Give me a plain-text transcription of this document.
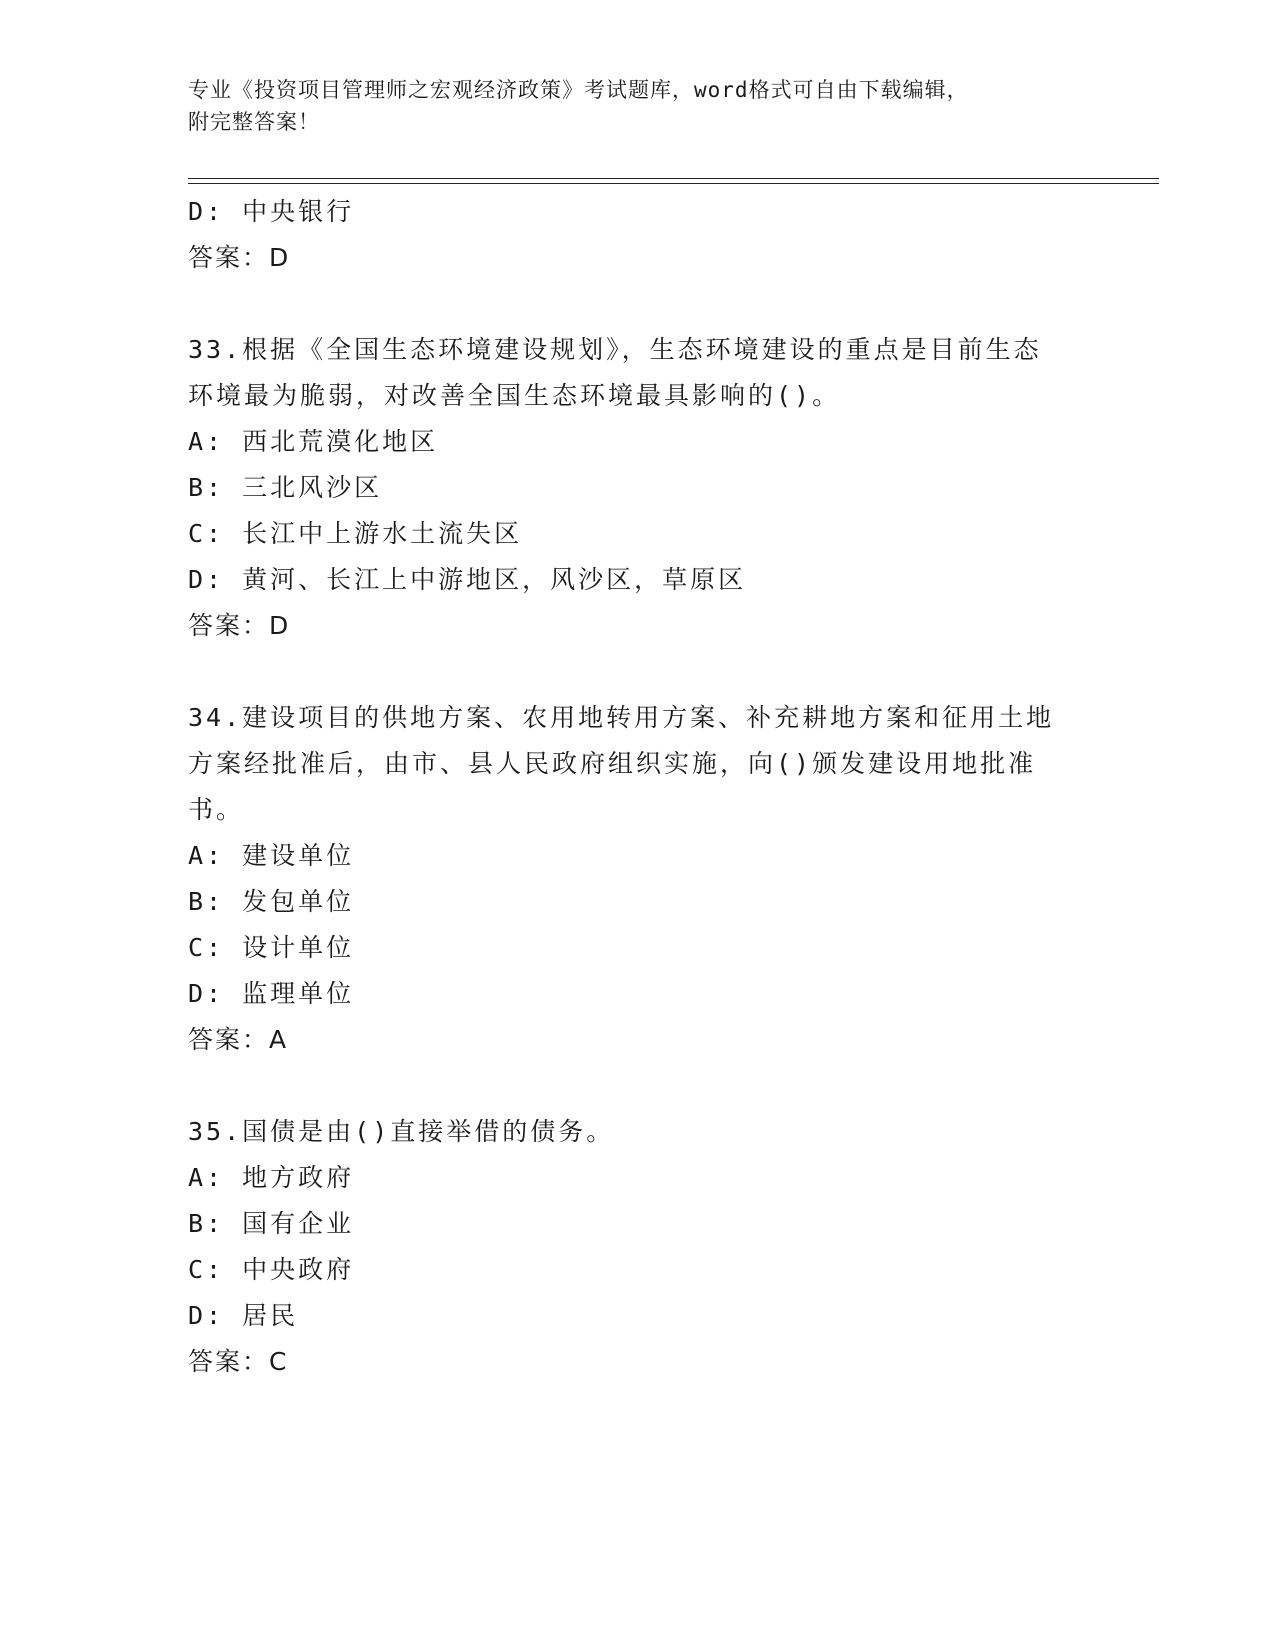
专业《投资项目管理师之宏观经济政策》考试题库，word格式可自由下载编辑，
附完整答案！
D:
中央银行
答案：D
33.根据《全国生态环境建设规划》，生态环境建设的重点是目前生态
环境最为脆弱，对改善全国生态环境最具影响的()。
A:
西北荒漠化地区
B:
三北风沙区
C:
长江中上游水土流失区
D:
黄河、长江上中游地区，风沙区，草原区
答案：D
34.建设项目的供地方案、农用地转用方案、补充耕地方案和征用土地
方案经批准后，由市、县人民政府组织实施，向()颁发建设用地批准
书。
A:
建设单位
B:
发包单位
C:
设计单位
D:
监理单位
答案：A
35.国债是由()直接举借的债务。
A:
地方政府
B:
国有企业
C:
中央政府
D:
居民
答案：C
